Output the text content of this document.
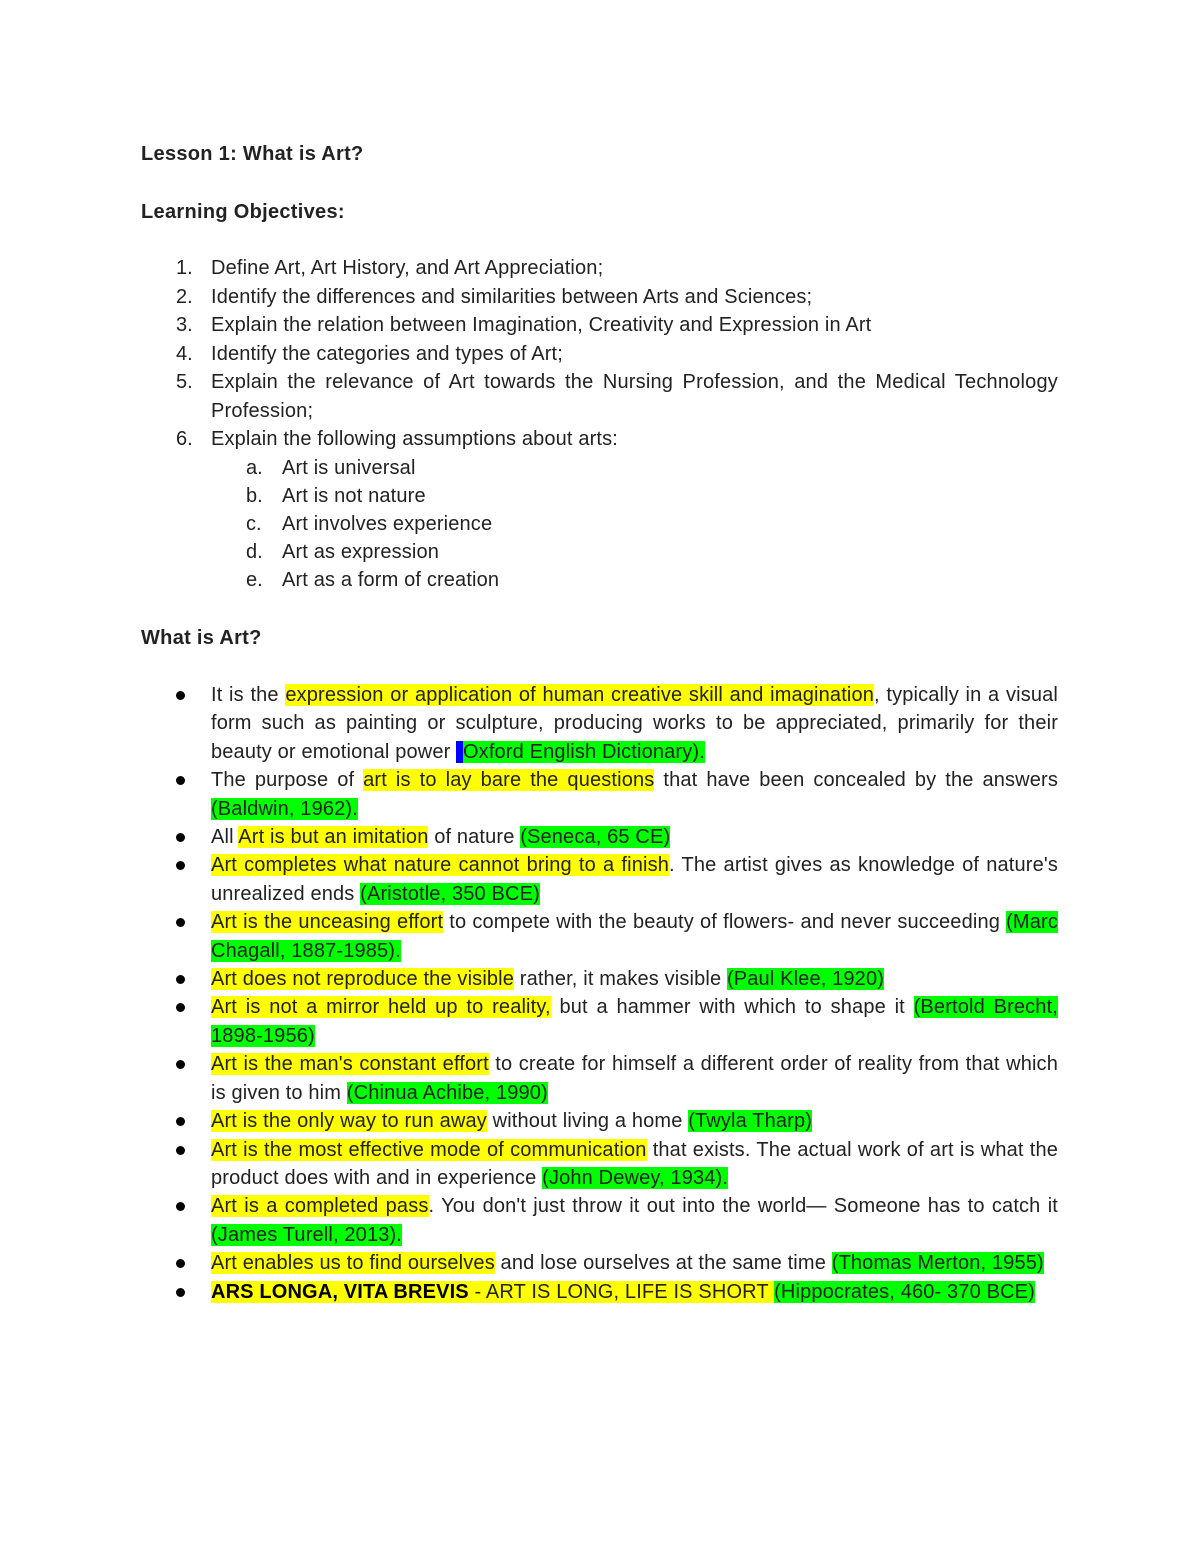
Lesson 1: What is Art?
Learning Objectives:
1. Define Art, Art History, and Art Appreciation;
2. Identify the differences and similarities between Arts and Sciences;
3. Explain the relation between Imagination, Creativity and Expression in Art
4. Identify the categories and types of Art;
5. Explain the relevance of Art towards the Nursing Profession, and the Medical Technology Profession;
6. Explain the following assumptions about arts:
a. Art is universal
b. Art is not nature
c.	Art involves experience
d. Art as expression
e. Art as a form of creation
What is Art?
It is the expression or application of human creative skill and imagination, typically in a visual form such as painting or sculpture, producing works to be appreciated, primarily for their beauty or emotional power (Oxford English Dictionary).
The purpose of art is to lay bare the questions that have been concealed by the answers (Baldwin, 1962).
All Art is but an imitation of nature (Seneca, 65 CE)
Art completes what nature cannot bring to a finish. The artist gives as knowledge of nature's unrealized ends (Aristotle, 350 BCE)
Art is the unceasing effort to compete with the beauty of flowers- and never succeeding (Marc Chagall, 1887-1985).
Art does not reproduce the visible rather, it makes visible (Paul Klee, 1920)
Art is not a mirror held up to reality, but a hammer with which to shape it (Bertold Brecht, 1898-1956)
Art is the man's constant effort to create for himself a different order of reality from that which is given to him (Chinua Achibe, 1990)
Art is the only way to run away without living a home (Twyla Tharp)
Art is the most effective mode of communication that exists. The actual work of art is what the product does with and in experience (John Dewey, 1934).
Art is a completed pass. You don't just throw it out into the world— Someone has to catch it (James Turell, 2013).
Art enables us to find ourselves and lose ourselves at the same time (Thomas Merton, 1955)
ARS LONGA, VITA BREVIS - ART IS LONG, LIFE IS SHORT (Hippocrates, 460- 370 BCE)
